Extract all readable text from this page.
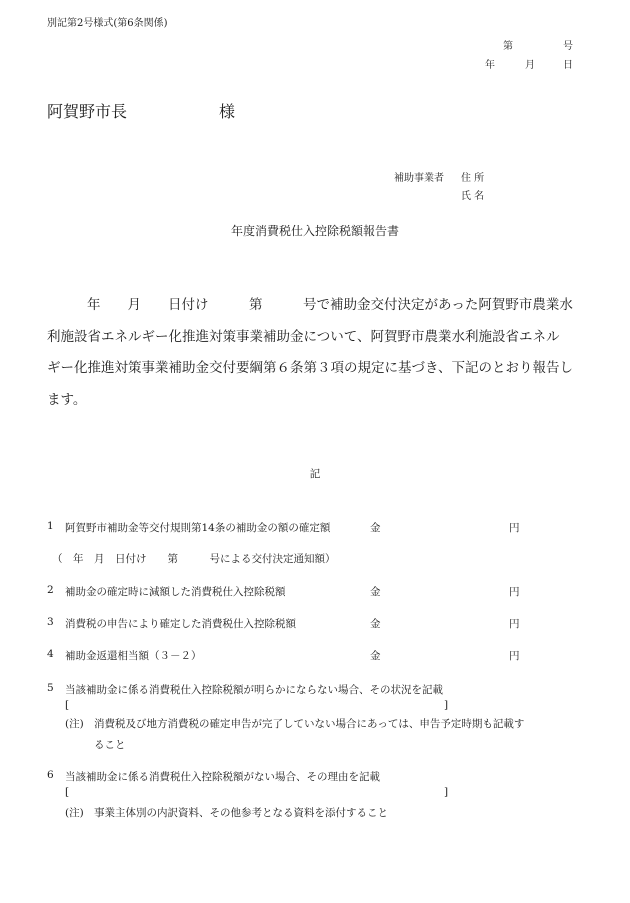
別記第2号様式(第6条関係)
第	号
年	月	日
阿賀野市長	様
補助事業者 住 所
氏 名
年度消費税仕入控除税額報告書
年　　月　　日付け　　　第　　　号で補助金交付決定があった阿賀野市農業水
利施設省エネルギー化推進対策事業補助金について、阿賀野市農業水利施設省エネル
ギー化推進対策事業補助金交付要綱第６条第３項の規定に基づき、下記のとおり報告し
ます。
記
1 阿賀野市補助金等交付規則第14条の補助金の額の確定額	金	円
（　年　月　日付け　　第　　　号による交付決定通知額）
2 補助金の確定時に減額した消費税仕入控除税額	金	円
3 消費税の申告により確定した消費税仕入控除税額	金	円
4 補助金返還相当額（３－２）	金	円
5 当該補助金に係る消費税仕入控除税額が明らかにならない場合、その状況を記載
[	]
(注) 消費税及び地方消費税の確定申告が完了していない場合にあっては、申告予定時期も記載す
ること
6 当該補助金に係る消費税仕入控除税額がない場合、その理由を記載
[	]
(注) 事業主体別の内訳資料、その他参考となる資料を添付すること
